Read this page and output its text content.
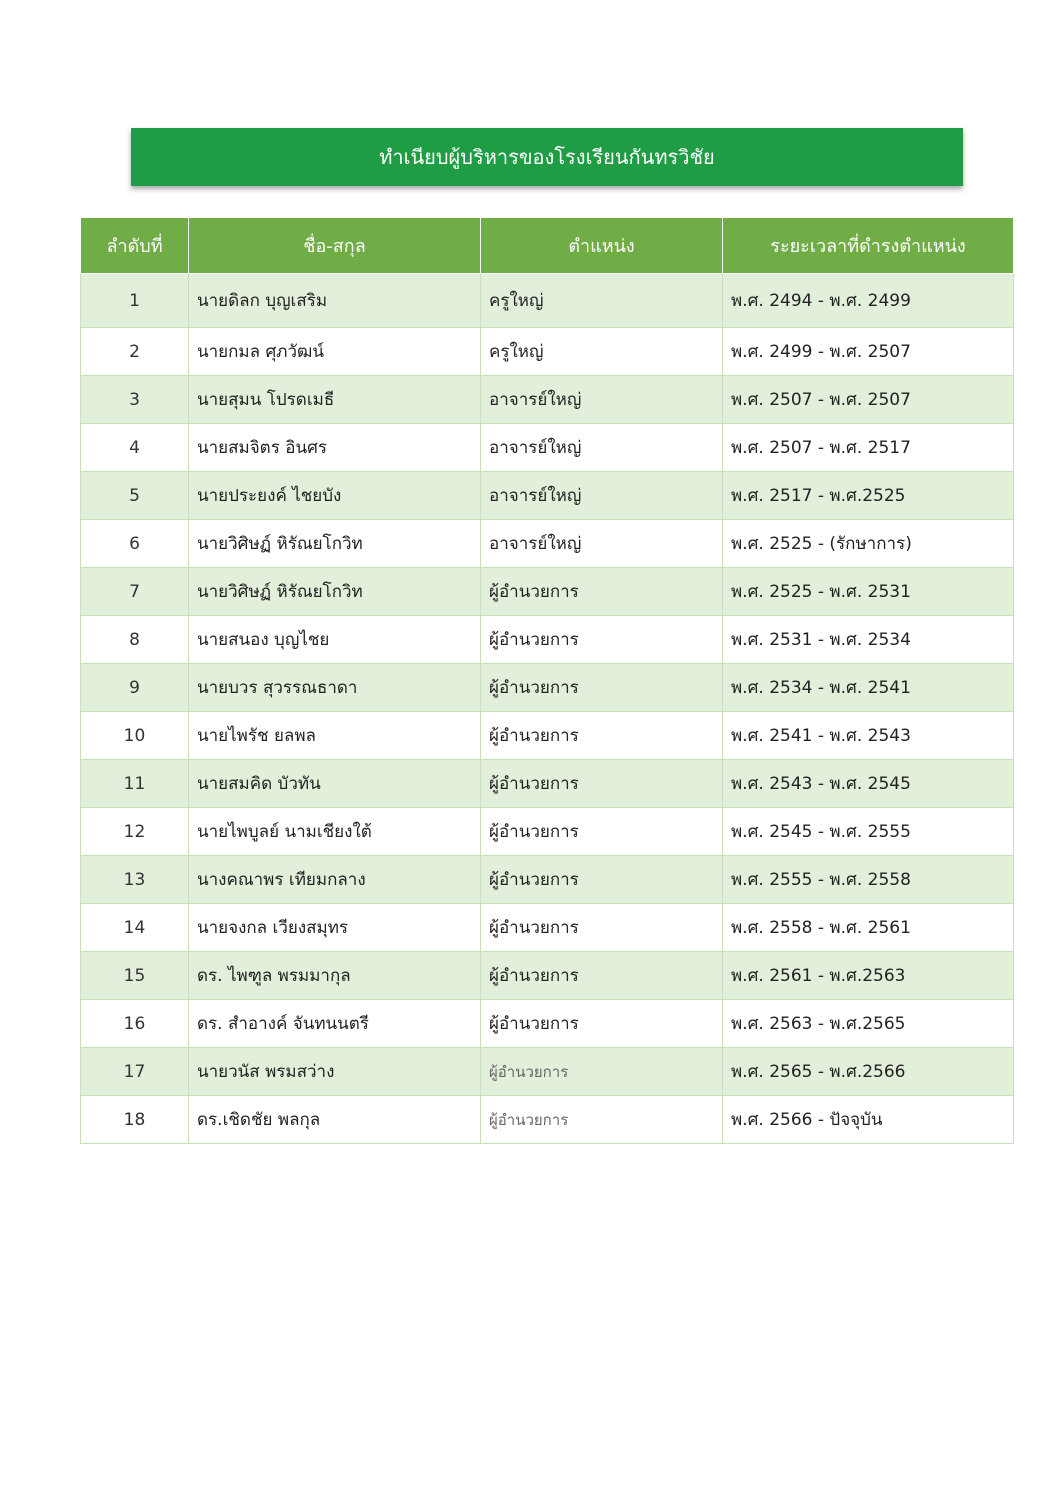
ทำเนียบผู้บริหารของโรงเรียนกันทรวิชัย
ลำดับที่	ชื่อ-สกุล	ตำแหน่ง	ระยะเวลาที่ดำรงตำแหน่ง
1	นายดิลก บุญเสริม	ครูใหญ่	พ.ศ. 2494 - พ.ศ. 2499
2	นายกมล ศุภวัฒน์	ครูใหญ่	พ.ศ. 2499 - พ.ศ. 2507
3	นายสุมน โปรดเมธี	อาจารย์ใหญ่	พ.ศ. 2507 - พ.ศ. 2507
4	นายสมจิตร อินศร	อาจารย์ใหญ่	พ.ศ. 2507 - พ.ศ. 2517
5	นายประยงค์ ไชยบัง	อาจารย์ใหญ่	พ.ศ. 2517 - พ.ศ.2525
6	นายวิศิษฏ์ หิรัณยโกวิท	อาจารย์ใหญ่	พ.ศ. 2525 - (รักษาการ)
7	นายวิศิษฏ์ หิรัณยโกวิท	ผู้อำนวยการ	พ.ศ. 2525 - พ.ศ. 2531
8	นายสนอง บุญไชย	ผู้อำนวยการ	พ.ศ. 2531 - พ.ศ. 2534
9	นายบวร สุวรรณธาดา	ผู้อำนวยการ	พ.ศ. 2534 - พ.ศ. 2541
10	นายไพรัช ยลพล	ผู้อำนวยการ	พ.ศ. 2541 - พ.ศ. 2543
11	นายสมคิด บัวทัน	ผู้อำนวยการ	พ.ศ. 2543 - พ.ศ. 2545
12	นายไพบูลย์ นามเชียงใต้	ผู้อำนวยการ	พ.ศ. 2545 - พ.ศ. 2555
13	นางคณาพร เทียมกลาง	ผู้อำนวยการ	พ.ศ. 2555 - พ.ศ. 2558
14	นายจงกล เวียงสมุทร	ผู้อำนวยการ	พ.ศ. 2558 - พ.ศ. 2561
15	ดร. ไพฑูล พรมมากุล	ผู้อำนวยการ	พ.ศ. 2561 - พ.ศ.2563
16	ดร. สำอางค์ จันทนนตรี	ผู้อำนวยการ	พ.ศ. 2563 - พ.ศ.2565
17	นายวนัส พรมสว่าง	ผู้อำนวยการ	พ.ศ. 2565 - พ.ศ.2566
18	ดร.เชิดชัย พลกุล	ผู้อำนวยการ	พ.ศ. 2566 - ปัจจุบัน
